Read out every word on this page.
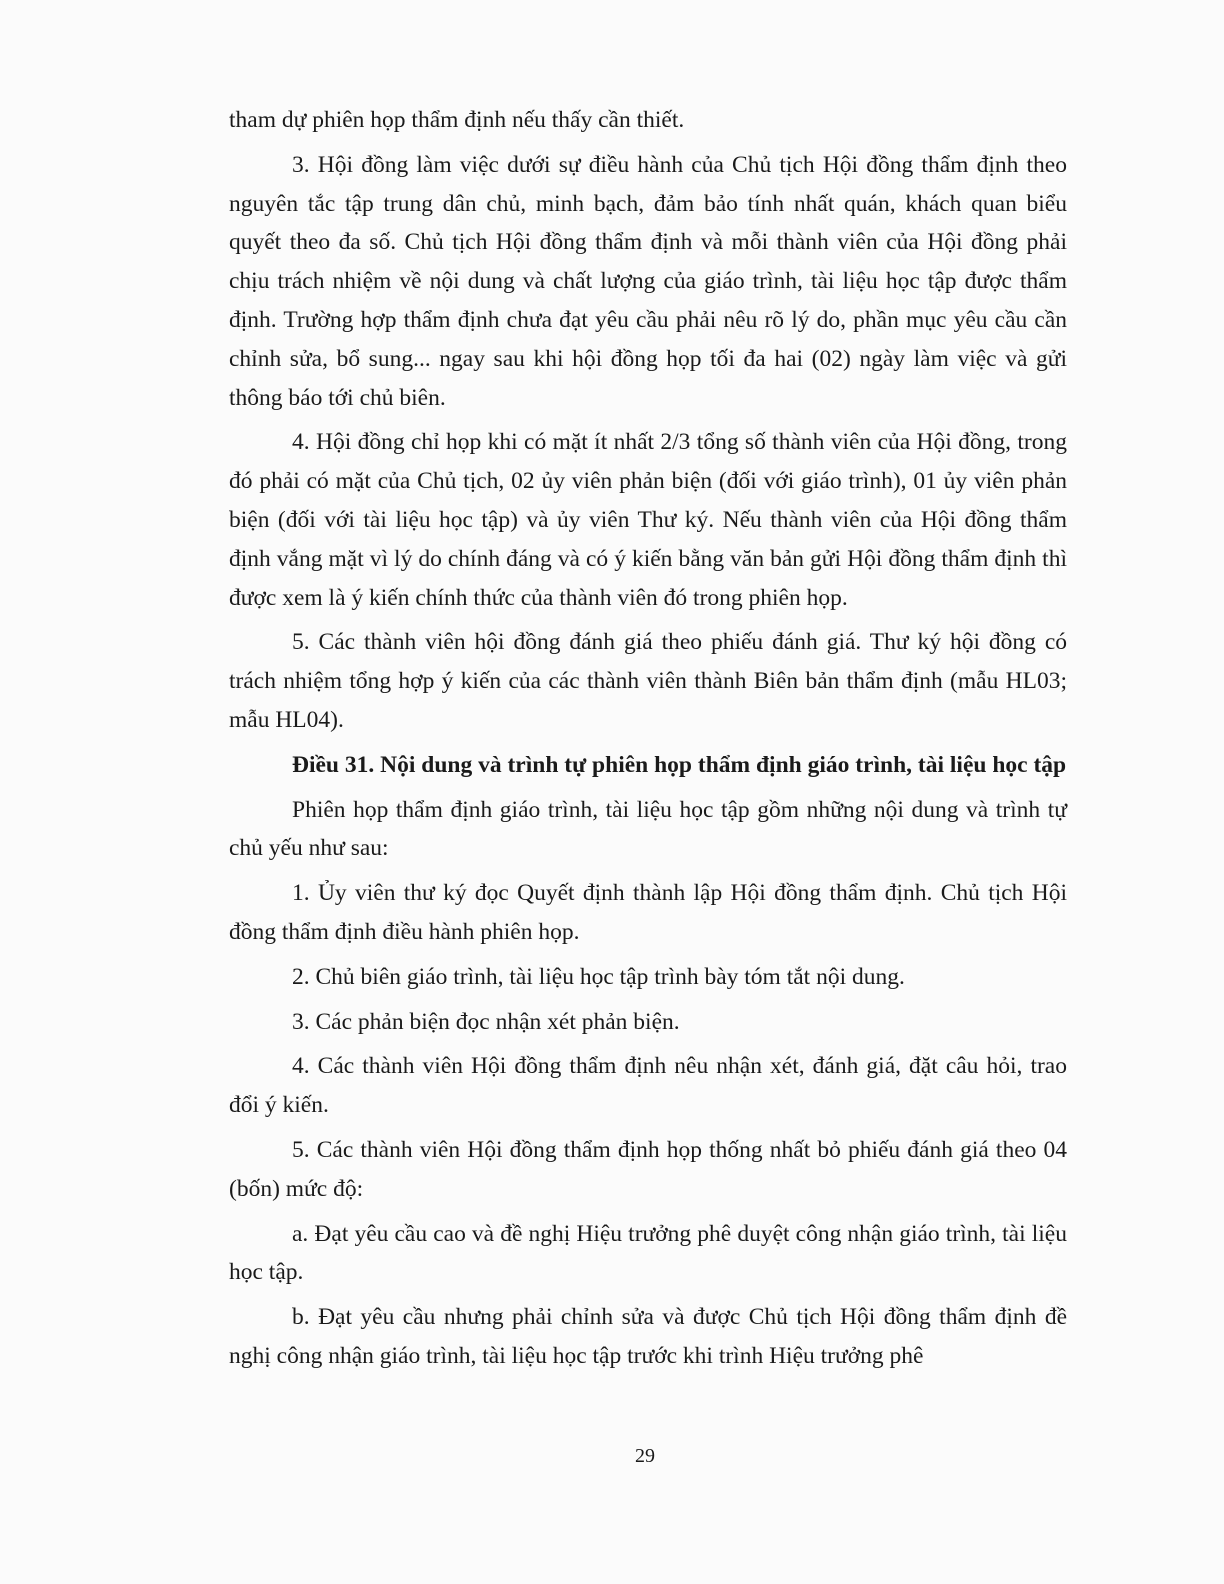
tham dự phiên họp thẩm định nếu thấy cần thiết.

3. Hội đồng làm việc dưới sự điều hành của Chủ tịch Hội đồng thẩm định theo nguyên tắc tập trung dân chủ, minh bạch, đảm bảo tính nhất quán, khách quan biểu quyết theo đa số. Chủ tịch Hội đồng thẩm định và mỗi thành viên của Hội đồng phải chịu trách nhiệm về nội dung và chất lượng của giáo trình, tài liệu học tập được thẩm định. Trường hợp thẩm định chưa đạt yêu cầu phải nêu rõ lý do, phần mục yêu cầu cần chỉnh sửa, bổ sung... ngay sau khi hội đồng họp tối đa hai (02) ngày làm việc và gửi thông báo tới chủ biên.

4. Hội đồng chỉ họp khi có mặt ít nhất 2/3 tổng số thành viên của Hội đồng, trong đó phải có mặt của Chủ tịch, 02 ủy viên phản biện (đối với giáo trình), 01 ủy viên phản biện (đối với tài liệu học tập) và ủy viên Thư ký. Nếu thành viên của Hội đồng thẩm định vắng mặt vì lý do chính đáng và có ý kiến bằng văn bản gửi Hội đồng thẩm định thì được xem là ý kiến chính thức của thành viên đó trong phiên họp.

5. Các thành viên hội đồng đánh giá theo phiếu đánh giá. Thư ký hội đồng có trách nhiệm tổng hợp ý kiến của các thành viên thành Biên bản thẩm định (mẫu HL03; mẫu HL04).

Điều 31. Nội dung và trình tự phiên họp thẩm định giáo trình, tài liệu học tập

Phiên họp thẩm định giáo trình, tài liệu học tập gồm những nội dung và trình tự chủ yếu như sau:

1. Ủy viên thư ký đọc Quyết định thành lập Hội đồng thẩm định. Chủ tịch Hội đồng thẩm định điều hành phiên họp.

2. Chủ biên giáo trình, tài liệu học tập trình bày tóm tắt nội dung.

3. Các phản biện đọc nhận xét phản biện.

4. Các thành viên Hội đồng thẩm định nêu nhận xét, đánh giá, đặt câu hỏi, trao đổi ý kiến.

5. Các thành viên Hội đồng thẩm định họp thống nhất bỏ phiếu đánh giá theo 04 (bốn) mức độ:

a. Đạt yêu cầu cao và đề nghị Hiệu trưởng phê duyệt công nhận giáo trình, tài liệu học tập.

b. Đạt yêu cầu nhưng phải chỉnh sửa và được Chủ tịch Hội đồng thẩm định đề nghị công nhận giáo trình, tài liệu học tập trước khi trình Hiệu trưởng phê

29
